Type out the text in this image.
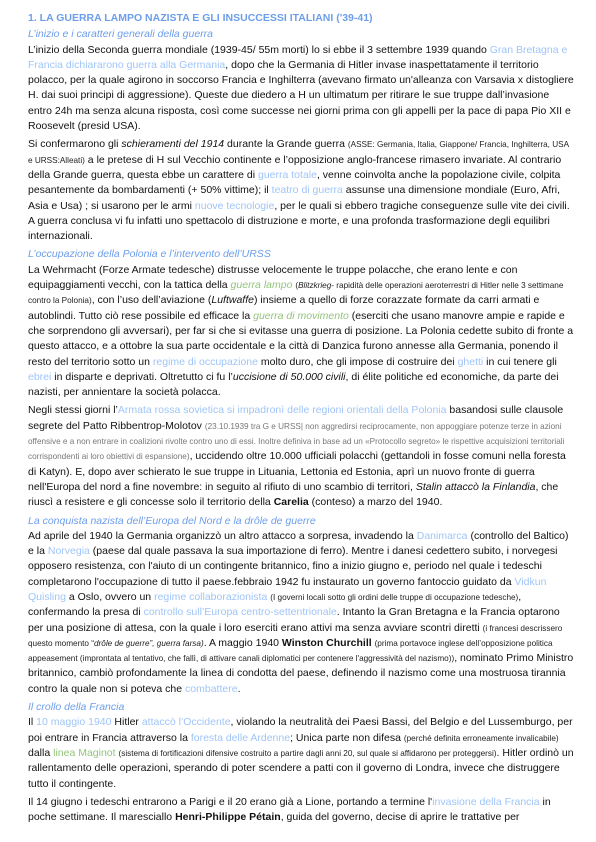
1. LA GUERRA LAMPO NAZISTA E GLI INSUCCESSI ITALIANI ('39-41)
L’inizio e i caratteri generali della guerra
L’inizio della Seconda guerra mondiale (1939-45/ 55m morti) lo si ebbe il 3 settembre 1939 quando Gran Bretagna e Francia dichiararono guerra alla Germania, dopo che la Germania di Hitler invase inaspettatamente il territorio polacco, per la quale agirono in soccorso Francia e Inghilterra (avevano firmato un'alleanza con Varsavia x distogliere H. dai suoi principi di aggressione). Queste due diedero a H un ultimatum per ritirare le sue truppe dall’invasione entro 24h ma senza alcuna risposta, così come successe nei giorni prima con gli appelli per la pace di papa Pio XII e Roosevelt (presid USA).
Si confermarono gli schieramenti del 1914 durante la Grande guerra (ASSE: Germania, Italia, Giappone/ Francia, Inghilterra, USA e URSS:Alleati) a le pretese di H sul Vecchio continente e l’opposizione anglo-francese rimasero invariate. Al contrario della Grande guerra, questa ebbe un carattere di guerra totale, venne coinvolta anche la popolazione civile, colpita pesantemente da bombardamenti (+ 50% vittime); il teatro di guerra assunse una dimensione mondiale (Euro, Afri, Asia e Usa) ; si usarono per le armi nuove tecnologie, per le quali si ebbero tragiche conseguenze sulle vite dei civili. A guerra conclusa vi fu infatti uno spettacolo di distruzione e morte, e una profonda trasformazione degli equilibri internazionali.
L’occupazione della Polonia e l’intervento dell’URSS
La Wehrmacht (Forze Armate tedesche) distrusse velocemente le truppe polacche, che erano lente e con equipaggiamenti vecchi, con la tattica della guerra lampo (Blitzkrieg- rapidità delle operazioni aeroterrestri di Hitler nelle 3 settimane contro la Polonia), con l’uso dell’aviazione (Luftwaffe) insieme a quello di forze corazzate formate da carri armati e autoblindi. Tutto ciò rese possibile ed efficace la guerra di movimento (eserciti che usano manovre ampie e rapide e che sorprendono gli avversari), per far si che si evitasse una guerra di posizione. La Polonia cedette subito di fronte a questo attacco, e a ottobre la sua parte occidentale e la città di Danzica furono annesse alla Germania, ponendo il resto del territorio sotto un regime di occupazione molto duro, che gli impose di costruire dei ghetti in cui tenere gli ebrei in disparte e deprivati. Oltretutto ci fu l’uccisione di 50.000 civili, di élite politiche ed economiche, da parte dei nazisti, per annientare la società polacca.
Negli stessi giorni l’Armata rossa sovietica si impadronì delle regioni orientali della Polonia basandosi sulle clausole segrete del Patto Ribbentrop-Molotov (23.10.1939 tra G e URSS| non aggredirsi reciprocamente, non appoggiare potenze terze in azioni offensive e a non entrare in coalizioni rivolte contro uno di essi. Inoltre definiva in base ad un «Protocollo segreto» le rispettive acquisizioni territoriali corrispondenti ai loro obiettivi di espansione), uccidendo oltre 10.000 ufficiali polacchi (gettandoli in fosse comuni nella foresta di Katyn). E, dopo aver schierato le sue truppe in Lituania, Lettonia ed Estonia, aprì un nuovo fronte di guerra nell'Europa del nord a fine novembre: in seguito al rifiuto di uno scambio di territori, Stalin attaccò la Finlandia, che riuscì a resistere e gli concesse solo il territorio della Carelia (conteso) a marzo del 1940.
La conquista nazista dell’Europa del Nord e la drôle de guerre
Ad aprile del 1940 la Germania organizzò un altro attacco a sorpresa, invadendo la Danimarca (controllo del Baltico) e la Norvegia (paese dal quale passava la sua importazione di ferro). Mentre i danesi cedettero subito, i norvegesi opposero resistenza, con l'aiuto di un contingente britannico, fino a inizio giugno e, periodo nel quale i tedeschi completarono l'occupazione di tutto il paese.febbraio 1942 fu instaurato un governo fantoccio guidato da Vidkun Quisling a Oslo, ovvero un regime collaborazionista (I governi locali sotto gli ordini delle truppe di occupazione tedesche), confermando la presa di controllo sull’Europa centro-settentrionale. Intanto la Gran Bretagna e la Francia optarono per una posizione di attesa, con la quale i loro eserciti erano attivi ma senza avviare scontri diretti (i francesi descrissero questo momento “drôle de guerre”, guerra farsa). A maggio 1940 Winston Churchill (prima portavoce inglese dell’opposizione politica appeasement (improntata al tentativo, che fallì, di attivare canali diplomatici per contenere l'aggressività del nazismo)), nominato Primo Ministro britannico, cambiò profondamente la linea di condotta del paese, definendo il nazismo come una mostruosa tirannia contro la quale non si poteva che combattere.
Il crollo della Francia
Il 10 maggio 1940 Hitler attaccò l’Occidente, violando la neutralità dei Paesi Bassi, del Belgio e del Lussemburgo, per poi entrare in Francia attraverso la foresta delle Ardenne; Unica parte non difesa (perché definita erroneamente invalicabile) dalla linea Maginot (sistema di fortificazioni difensive costruito a partire dagli anni 20, sul quale si affidarono per proteggersi). Hitler ordinò un rallentamento delle operazioni, sperando di poter scendere a patti con il governo di Londra, invece che distruggere tutto il contingente.
Il 14 giugno i tedeschi entrarono a Parigi e il 20 erano già a Lione, portando a termine l'invasione della Francia in poche settimane. Il maresciallo Henri-Philippe Pétain, guida del governo, decise di aprire le trattative per
